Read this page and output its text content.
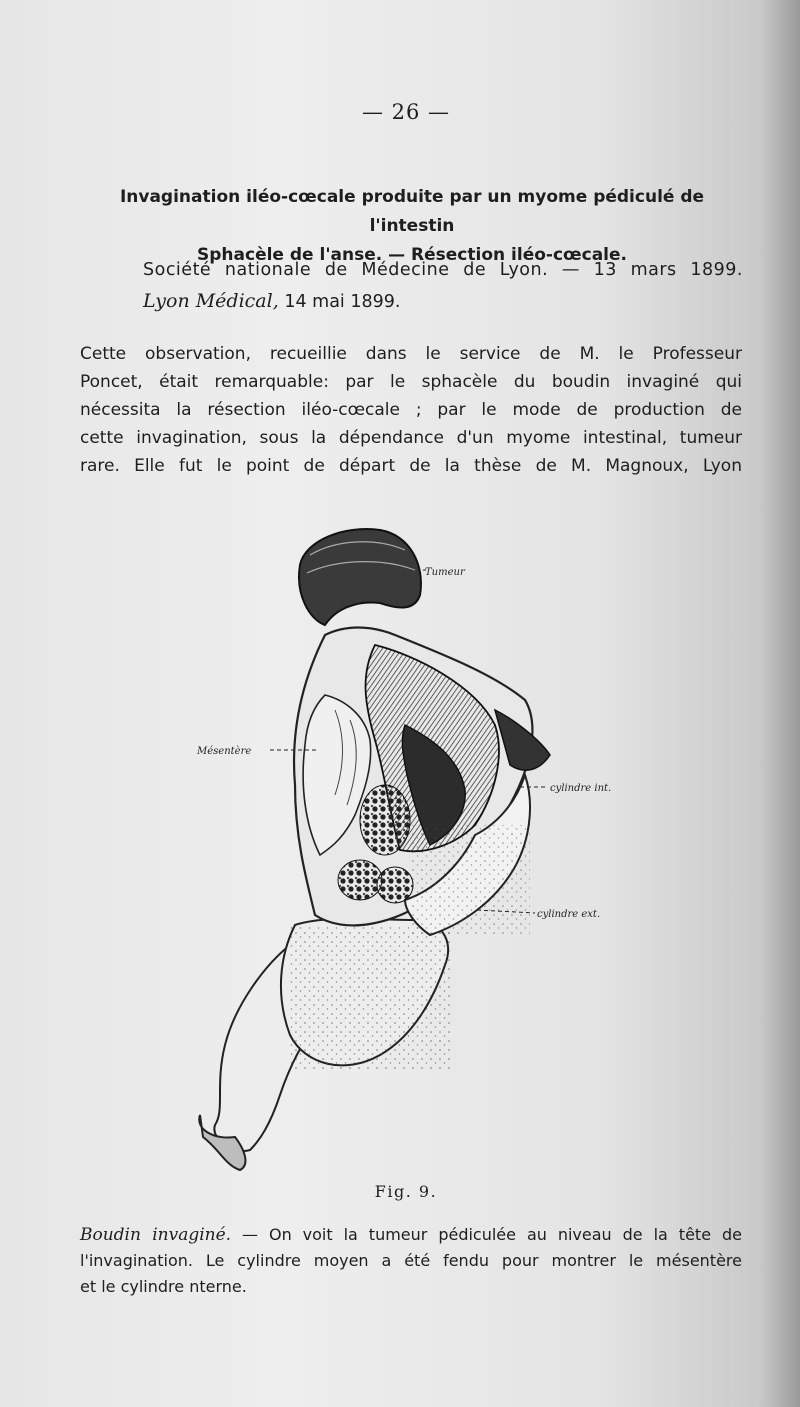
— 26 —
Invagination iléo-cœcale produite par un myome pédiculé de l'intestin
Sphacèle de l'anse. — Résection iléo-cœcale.
Société nationale de Médecine de Lyon. — 13 mars 1899.
Lyon Médical, 14 mai 1899.
Cette observation, recueillie dans le service de M. le Professeur
Poncet, était remarquable: par le sphacèle du boudin invaginé qui
nécessita la résection iléo-cœcale ; par le mode de production de
cette invagination, sous la dépendance d'un myome intestinal, tumeur
rare. Elle fut le point de départ de la thèse de M. Magnoux, Lyon
Tumeur
Mésentère
cylindre int.
cylindre ext.
Fig. 9.
Boudin invaginé. — On voit la tumeur pédiculée au niveau de la tête de
l'invagination. Le cylindre moyen a été fendu pour montrer le mésentère
et le cylindre nterne.
